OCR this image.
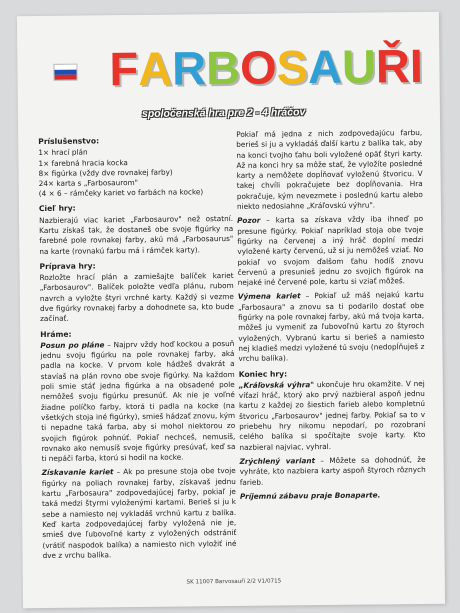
FARBOSAUŘI
spoločenská hra pre 2 - 4 hráčov
Príslušenstvo:
1× hrací plán
1× farebná hracia kocka
8× figúrka (vždy dve rovnakej farby)
24× karta s „Farbosaurom"
(4 × 6 – rámčeky kariet vo farbách na kocke)
Cieľ hry:

Nazbierajú viac kariet „Farbosaurov" než ostatní. Kartu získaš tak, že dostaneš obe svoje figúrky na farebné pole rovnakej farby, akú má „Farbosaurus" na karte (rovnakú farbu má i rámček karty).

Príprava hry:

Rozložte hrací plán a zamiešajte balíček kariet „Farbosaurov". Balíček položte vedľa plánu, rubom navrch a vyložte štyri vrchné karty. Každý si vezme dve figúrky rovnakej farby a dohodnete sa, kto bude začínať.

Hráme:

Posun po pláne – Najprv vždy hoď kockou a posuň jednu svoju figúrku na pole rovnakej farby, aká padla na kocke. V prvom kole hádžeš dvakrát a stavíaš na plán rovno obe svoje figúrky. Na každom poli smie stáť jedna figúrka a na obsadené pole nemôžeš svoju figúrku presunúť. Ak nie je voľné žiadne políčko farby, ktorá ti padla na kocke (na všetkých stoja iné figúrky), smieš hádzať znovu, kým ti nepadne taká farba, aby si mohol niektorou zo svojich figúrok pohnúť. Pokiaľ nechceš, nemusíš, rovnako ako nemusíš svoje figúrky presúvať, keď sa ti nepáči farba, ktorú si hodil na kocke.

Získavanie kariet – Ak po presune stoja obe tvoje figúrky na poliach rovnakej farby, získavaš jednu kartu „Farbosaura" zodpovedajúcej farby, pokiaľ je taká medzi štyrmi vyloženými kartami. Berieš si ju k sebe a namiesto nej vykladáš vrchnú kartu z balíka. Keď karta zodpovedajúcej farby vyložená nie je, smieš dve ľubovoľné karty z vyložených odstrániť (vrátiť naspodok balíka) a namiesto nich vyložiť iné dve z vrchu balíka.

Pokiaľ má jedna z nich zodpovedajúcu farbu, berieš si ju a vykladáš ďalší kartu z balíka tak, aby na konci tvojho ťahu boli vyložené opäť štyri karty. Až na konci hry sa môže stať, že vyložíte posledné karty a nemôžete dopĺňovať vyloženú štvoricu. V takej chvíli pokračujete bez dopĺňovania. Hra pokračuje, kým nevezmete i poslednú kartu alebo niekto nedosiahne „Kráľovskú výhru".

Pozor – karta sa získava vždy iba ihneď po presune figúrky. Pokiaľ napríklad stoja obe tvoje figúrky na červenej a iný hráč doplní medzi vyložené karty červenú, už si ju nemôžeš vziať. No pokiaľ vo svojom ďalšom ťahu hodíš znovu červenú a presunieš jednu zo svojich figúrok na nejaké iné červené pole, kartu si vziať môžeš.

Výmena kariet – Pokiaľ už máš nejakú kartu „Farbosaura" a znovu sa ti podarilo dostať obe figúrky na pole rovnakej farby, akú má tvoja karta, môžeš ju vymeniť za ľubovoľnú kartu zo štyroch vyložených. Vybranú kartu si berieš a namiesto nej kladieš medzi vyložené tú svoju (nedopĺňuješ z vrchu balíka).

Koniec hry:

„Kráľovská výhra" ukončuje hru okamžite. V nej víťazí hráč, ktorý ako prvý nazbieral aspoň jednu kartu z každej zo šiestich farieb alebo kompletnú štvoricu „Farbosaurov" jednej farby. Pokiaľ sa to v priebehu hry nikomu nepodarí, po rozobraní celého balíka si spočítajte svoje karty. Kto nazbieral najviac, vyhral.

Zrýchlený variant – Môžete sa dohodnúť, že vyhráte, kto nazbiera karty aspoň štyroch rôznych farieb.

Príjemnú zábavu praje Bonaparte.

SK 11007 Barvosauři 2/2 V1/0715
